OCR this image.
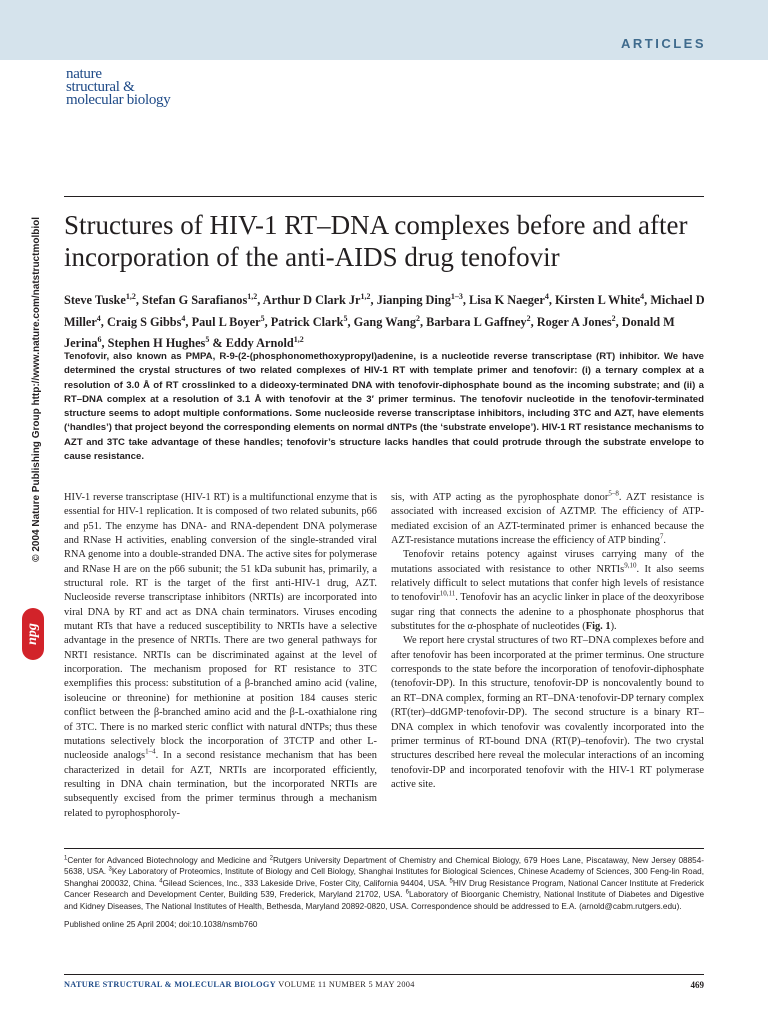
ARTICLES
nature
structural &
molecular biology
© 2004 Nature Publishing Group http://www.nature.com/natstructmolbiol
npg
Structures of HIV-1 RT–DNA complexes before and after incorporation of the anti-AIDS drug tenofovir
Steve Tuske$^{1,2}$, Stefan G Sarafianos$^{1,2}$, Arthur D Clark Jr$^{1,2}$, Jianping Ding$^{1-3}$, Lisa K Naeger$^4$, Kirsten L White$^4$, Michael D Miller$^4$, Craig S Gibbs$^4$, Paul L Boyer$^5$, Patrick Clark$^5$, Gang Wang$^2$, Barbara L Gaffney$^2$, Roger A Jones$^2$, Donald M Jerina$^6$, Stephen H Hughes$^5$ & Eddy Arnold$^{1,2}$
Tenofovir, also known as PMPA, R-9-(2-(phosphonomethoxypropyl)adenine, is a nucleotide reverse transcriptase (RT) inhibitor. We have determined the crystal structures of two related complexes of HIV-1 RT with template primer and tenofovir: (i) a ternary complex at a resolution of 3.0 Å of RT crosslinked to a dideoxy-terminated DNA with tenofovir-diphosphate bound as the incoming substrate; and (ii) a RT–DNA complex at a resolution of 3.1 Å with tenofovir at the 3′ primer terminus. The tenofovir nucleotide in the tenofovir-terminated structure seems to adopt multiple conformations. Some nucleoside reverse transcriptase inhibitors, including 3TC and AZT, have elements (‘handles’) that project beyond the corresponding elements on normal dNTPs (the ‘substrate envelope’). HIV-1 RT resistance mechanisms to AZT and 3TC take advantage of these handles; tenofovir’s structure lacks handles that could protrude through the substrate envelope to cause resistance.

HIV-1 reverse transcriptase (HIV-1 RT) is a multifunctional enzyme that is essential for HIV-1 replication. It is composed of two related subunits, p66 and p51. The enzyme has DNA- and RNA-dependent DNA polymerase and RNase H activities, enabling conversion of the single-stranded viral RNA genome into a double-stranded DNA. The active sites for polymerase and RNase H are on the p66 subunit; the 51 kDa subunit has, primarily, a structural role. RT is the target of the first anti-HIV-1 drug, AZT. Nucleoside reverse transcriptase inhibitors (NRTIs) are incorporated into viral DNA by RT and act as DNA chain terminators. Viruses encoding mutant RTs that have a reduced susceptibility to NRTIs have a selective advantage in the presence of NRTIs. There are two general pathways for NRTI resistance. NRTIs can be discriminated against at the level of incorporation. The mechanism proposed for RT resistance to 3TC exemplifies this process: substitution of a β-branched amino acid (valine, isoleucine or threonine) for methionine at position 184 causes steric conflict between the β-branched amino acid and the β-L-oxathialone ring of 3TC. There is no marked steric conflict with natural dNTPs; thus these mutations selectively block the incorporation of 3TCTP and other L-nucleoside analogs$^{1-4}$. In a second resistance mechanism that has been characterized in detail for AZT, NRTIs are incorporated efficiently, resulting in DNA chain termination, but the incorporated NRTIs are subsequently excised from the primer terminus through a mechanism related to pyrophosphoroly-

sis, with ATP acting as the pyrophosphate donor$^{5-8}$. AZT resistance is associated with increased excision of AZTMP. The efficiency of ATP-mediated excision of an AZT-terminated primer is enhanced because the AZT-resistance mutations increase the efficiency of ATP binding$^7$.

Tenofovir retains potency against viruses carrying many of the mutations associated with resistance to other NRTIs$^{9,10}$. It also seems relatively difficult to select mutations that confer high levels of resistance to tenofovir$^{10,11}$. Tenofovir has an acyclic linker in place of the deoxyribose sugar ring that connects the adenine to a phosphonate phosphorus that substitutes for the α-phosphate of nucleotides (Fig. 1).

We report here crystal structures of two RT–DNA complexes before and after tenofovir has been incorporated at the primer terminus. One structure corresponds to the state before the incorporation of tenofovir-diphosphate (tenofovir-DP). In this structure, tenofovir-DP is noncovalently bound to an RT–DNA complex, forming an RT–DNA·tenofovir-DP ternary complex (RT(ter)–ddGMP·tenofovir-DP). The second structure is a binary RT–DNA complex in which tenofovir was covalently incorporated into the primer terminus of RT-bound DNA (RT(P)–tenofovir). The two crystal structures described here reveal the molecular interactions of an incoming tenofovir-DP and incorporated tenofovir with the HIV-1 RT polymerase active site.

$^1$Center for Advanced Biotechnology and Medicine and $^2$Rutgers University Department of Chemistry and Chemical Biology, 679 Hoes Lane, Piscataway, New Jersey 08854-5638, USA. $^3$Key Laboratory of Proteomics, Institute of Biology and Cell Biology, Shanghai Institutes for Biological Sciences, Chinese Academy of Sciences, 300 Feng-lin Road, Shanghai 200032, China. $^4$Gilead Sciences, Inc., 333 Lakeside Drive, Foster City, California 94404, USA. $^5$HIV Drug Resistance Program, National Cancer Institute at Frederick Cancer Research and Development Center, Building 539, Frederick, Maryland 21702, USA. $^6$Laboratory of Bioorganic Chemistry, National Institute of Diabetes and Digestive and Kidney Diseases, The National Institutes of Health, Bethesda, Maryland 20892-0820, USA. Correspondence should be addressed to E.A. (arnold@cabm.rutgers.edu).
Published online 25 April 2004; doi:10.1038/nsmb760
NATURE STRUCTURAL & MOLECULAR BIOLOGY VOLUME 11 NUMBER 5 MAY 2004	469
